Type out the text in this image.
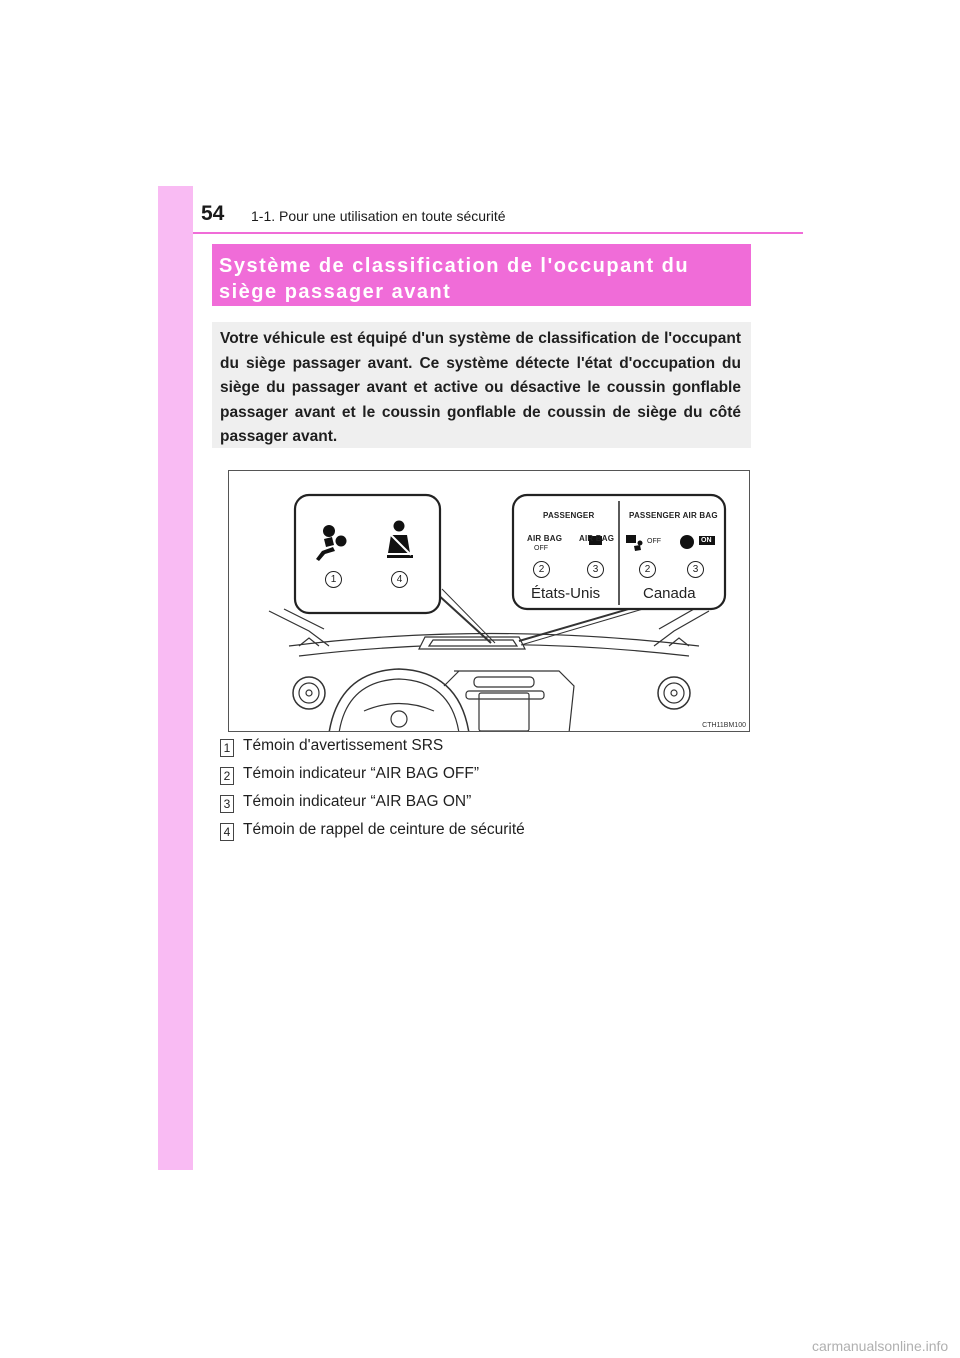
54 1-1. Pour une utilisation en toute sécurité
Système de classification de l'occupant du
siège passager avant

Votre véhicule est équipé d'un système de classification de l'occupant du siège passager avant. Ce système détecte l'état d'occupation du siège du passager avant et active ou désactive le coussin gonflable passager avant et le coussin gonflable de coussin de siège du côté passager avant.

1	4
PASSENGER	PASSENGER AIR BAG
AIR BAG
OFF
AIR BAG
ON
OFF	ON
2	3	2	3
États-Unis	Canada
CTH11BM100
1 Témoin d'avertissement SRS
2 Témoin indicateur “AIR BAG OFF”
3 Témoin indicateur “AIR BAG ON”
4 Témoin de rappel de ceinture de sécurité
carmanualsonline.info
